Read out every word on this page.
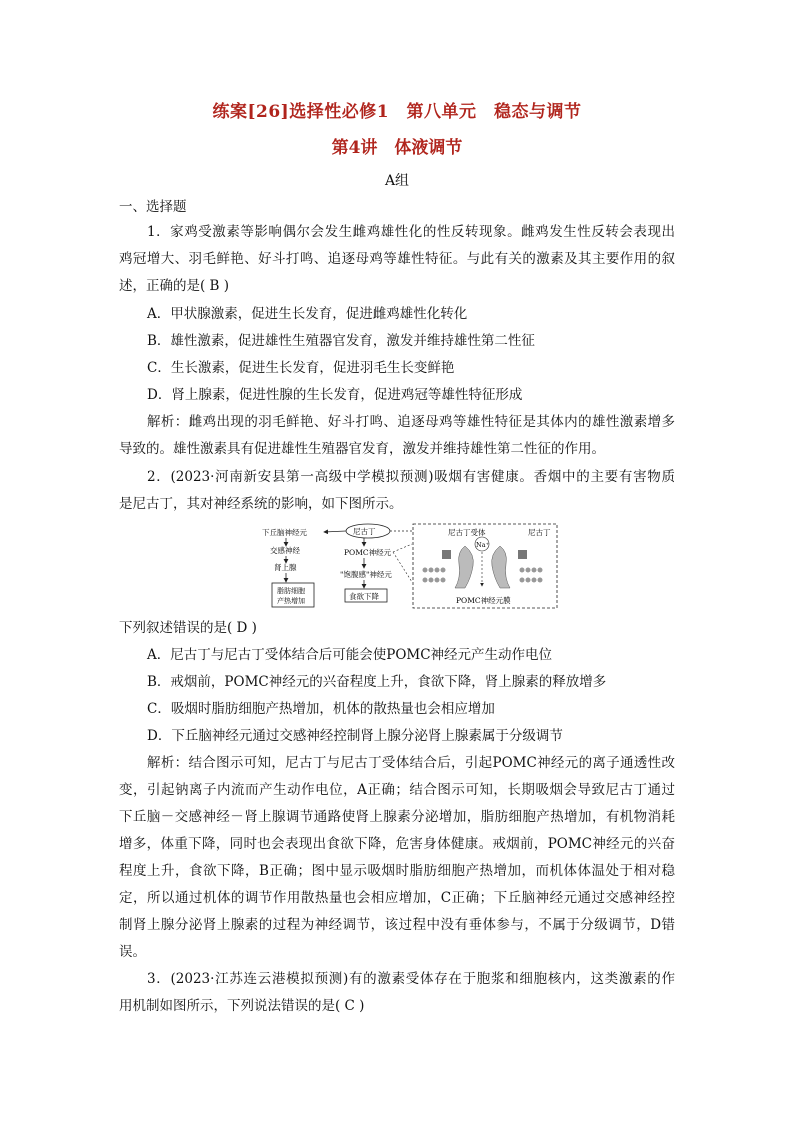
练案[26]选择性必修1　第八单元　稳态与调节
第4讲　体液调节
A组
一、选择题
1．家鸡受激素等影响偶尔会发生雌鸡雄性化的性反转现象。雌鸡发生性反转会表现出
鸡冠增大、羽毛鲜艳、好斗打鸣、追逐母鸡等雄性特征。与此有关的激素及其主要作用的叙
述，正确的是( B )
A．甲状腺激素，促进生长发育，促进雌鸡雄性化转化
B．雄性激素，促进雄性生殖器官发育，激发并维持雄性第二性征
C．生长激素，促进生长发育，促进羽毛生长变鲜艳
D．肾上腺素，促进性腺的生长发育，促进鸡冠等雄性特征形成
解析：雌鸡出现的羽毛鲜艳、好斗打鸣、追逐母鸡等雄性特征是其体内的雄性激素增多
导致的。雄性激素具有促进雄性生殖器官发育，激发并维持雄性第二性征的作用。
2．(2023·河南新安县第一高级中学模拟预测)吸烟有害健康。香烟中的主要有害物质
是尼古丁，其对神经系统的影响，如下图所示。
下丘脑神经元
交感神经
肾上腺
脂肪细胞
产热增加
尼古丁
POMC神经元
"饱腹感"神经元
食欲下降
尼古丁受体	尼古丁
Na⁺
POMC神经元膜
下列叙述错误的是( D )
A．尼古丁与尼古丁受体结合后可能会使POMC神经元产生动作电位
B．戒烟前，POMC神经元的兴奋程度上升，食欲下降，肾上腺素的释放增多
C．吸烟时脂肪细胞产热增加，机体的散热量也会相应增加
D．下丘脑神经元通过交感神经控制肾上腺分泌肾上腺素属于分级调节
解析：结合图示可知，尼古丁与尼古丁受体结合后，引起POMC神经元的离子通透性改
变，引起钠离子内流而产生动作电位，A正确；结合图示可知，长期吸烟会导致尼古丁通过
下丘脑－交感神经－肾上腺调节通路使肾上腺素分泌增加，脂肪细胞产热增加，有机物消耗
增多，体重下降，同时也会表现出食欲下降，危害身体健康。戒烟前，POMC神经元的兴奋
程度上升，食欲下降，B正确；图中显示吸烟时脂肪细胞产热增加，而机体体温处于相对稳
定，所以通过机体的调节作用散热量也会相应增加，C正确；下丘脑神经元通过交感神经控
制肾上腺分泌肾上腺素的过程为神经调节，该过程中没有垂体参与，不属于分级调节，D错
误。
3．(2023·江苏连云港模拟预测)有的激素受体存在于胞浆和细胞核内，这类激素的作
用机制如图所示，下列说法错误的是( C )
